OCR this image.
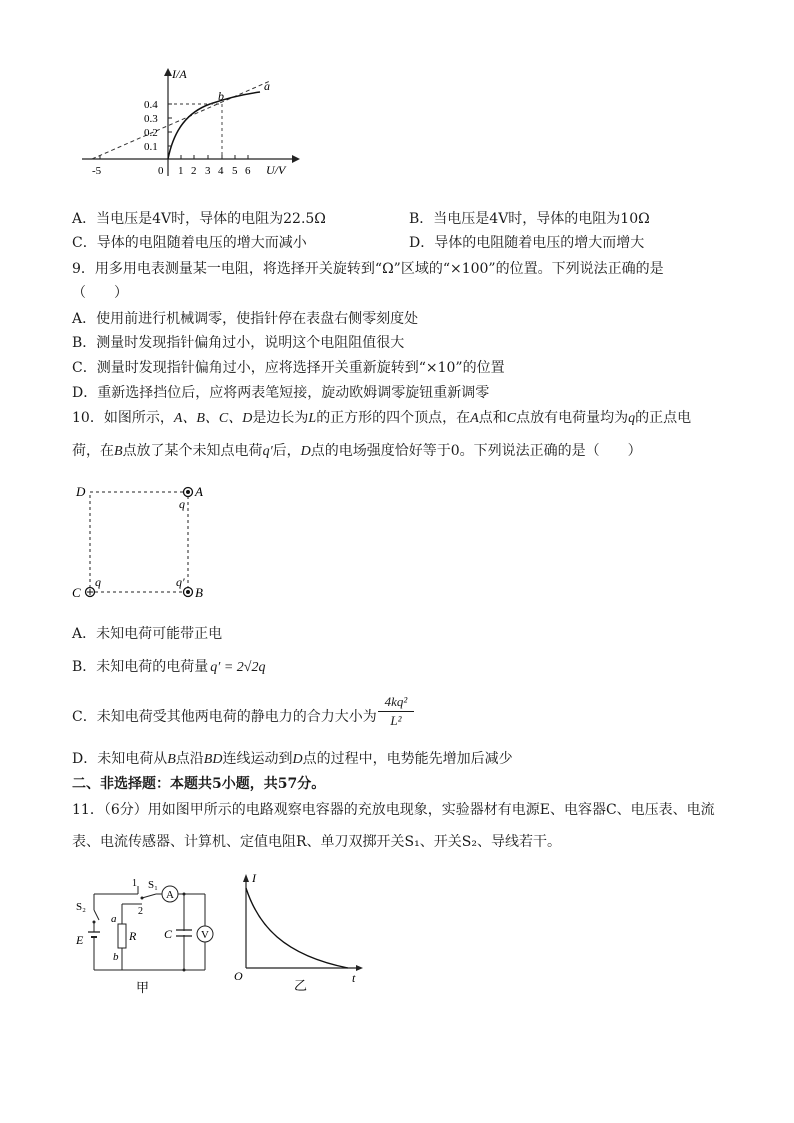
I/A
U/V
0.4
0.3
0.2
0.1
-5	0 1 2 3 4 5 6
a
b
A．当电压是4V时，导体的电阻为22.5Ω	B．当电压是4V时，导体的电阻为10Ω
C．导体的电阻随着电压的增大而减小	D．导体的电阻随着电压的增大而增大
9．用多用电表测量某一电阻，将选择开关旋转到“Ω”区域的“×100”的位置。下列说法正确的是
（　　）
A．使用前进行机械调零，使指针停在表盘右侧零刻度处
B．测量时发现指针偏角过小，说明这个电阻阻值很大
C．测量时发现指针偏角过小，应将选择开关重新旋转到“×10”的位置
D．重新选择挡位后，应将两表笔短接，旋动欧姆调零旋钮重新调零
10．如图所示，A、B、C、D是边长为L的正方形的四个顶点，在A点和C点放有电荷量均为q的正点电
荷，在B点放了某个未知点电荷q′后，D点的电场强度恰好等于0。下列说法正确的是（　　）
D	A
C	B
q
q	q′
A．未知电荷可能带正电
B．未知电荷的电荷量 q′ = 2√2q
C．未知电荷受其他两电荷的静电力的合力大小为
4kq²
L²
D．未知电荷从B点沿BD连线运动到D点的过程中，电势能先增加后减少
二、非选择题：本题共5小题，共57分。
11．（6分）用如图甲所示的电路观察电容器的充放电现象，实验器材有电源E、电容器C、电压表、电流
表、电流传感器、计算机、定值电阻R、单刀双掷开关S₁、开关S₂、导线若干。
S₁
S₂
1
2
A
V
C
R
E
a
b
甲
I
t
O
乙
